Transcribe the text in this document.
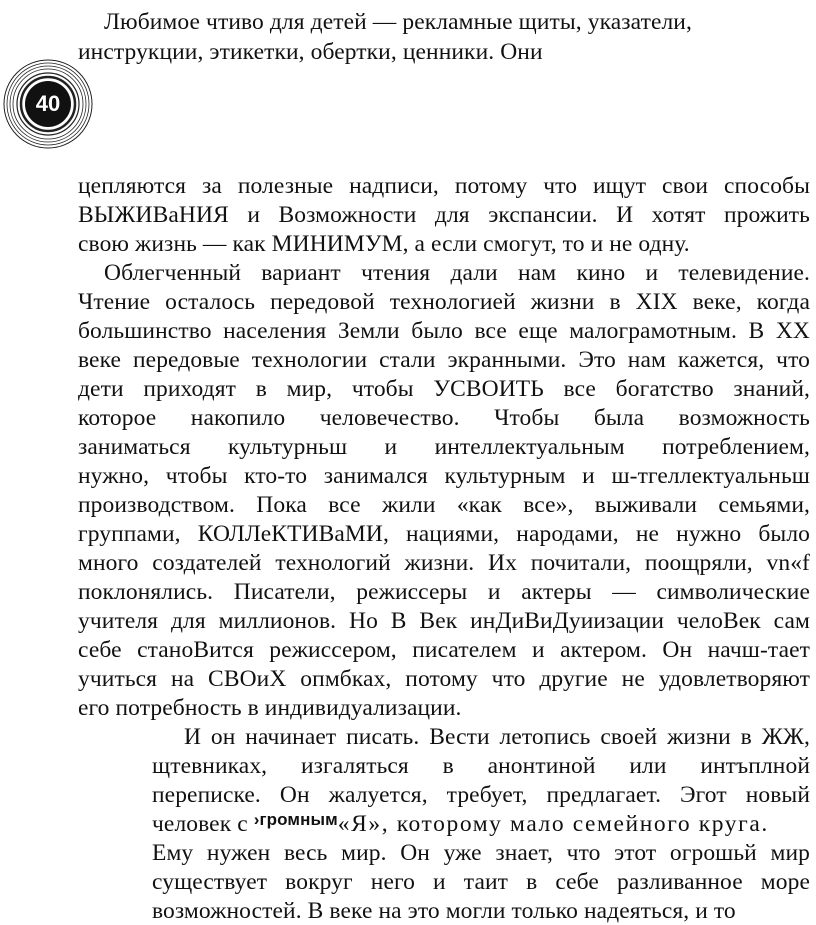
40
Любимое чтиво для детей — рекламные щиты, указатели,
инструкции, этикетки, обертки, ценники. Они
цепляются за полезные надписи, потому что ищут свои способы
ВЫЖИВаНИЯ и Возможности для экспансии. И хотят прожить
свою жизнь — как МИНИМУМ, а если смогут, то и не одну.
Облегченный вариант чтения дали нам кино и телевидение.
Чтение осталось передовой технологией жизни в XIX веке, когда
большинство населения Земли было все еще малограмотным. В XX
веке передовые технологии стали экранными. Это нам кажется, что
дети приходят в мир, чтобы УСВОИТЬ все богатство знаний,
которое накопило человечество. Чтобы была возможность
заниматься культурньш и интеллектуальным потреблением,
нужно, чтобы кто-то занимался культурным и ш-тгеллектуальньш
производством. Пока все жили «как все», выживали семьями,
группами, КОЛЛеКТИВаМИ, нациями, народами, не нужно было
много создателей технологий жизни. Их почитали, поощряли, vn«f
поклонялись. Писатели, режиссеры и актеры — символические
учителя для миллионов. Но В Век инДиВиДуиизации челоВек сам
себе станоВится режиссером, писателем и актером. Он начш-тает
учиться на СВОиХ опмбках, потому что другие не удовлетворяют
его потребность в индивидуализации.
И он начинает писать. Вести летопись своей жизни в ЖЖ,
щтевниках, изгаляться в анонтиной или интъплной
переписке. Он жалуется, требует, предлагает. Эгот новый
человек с $^{›громным}$«Я», которому мало семейного круга.
Ему нужен весь мир. Он уже знает, что этот огрошьй мир
существует вокруг него и таит в себе разливанное море
возможностей. В веке на это могли только надеяться, и то
